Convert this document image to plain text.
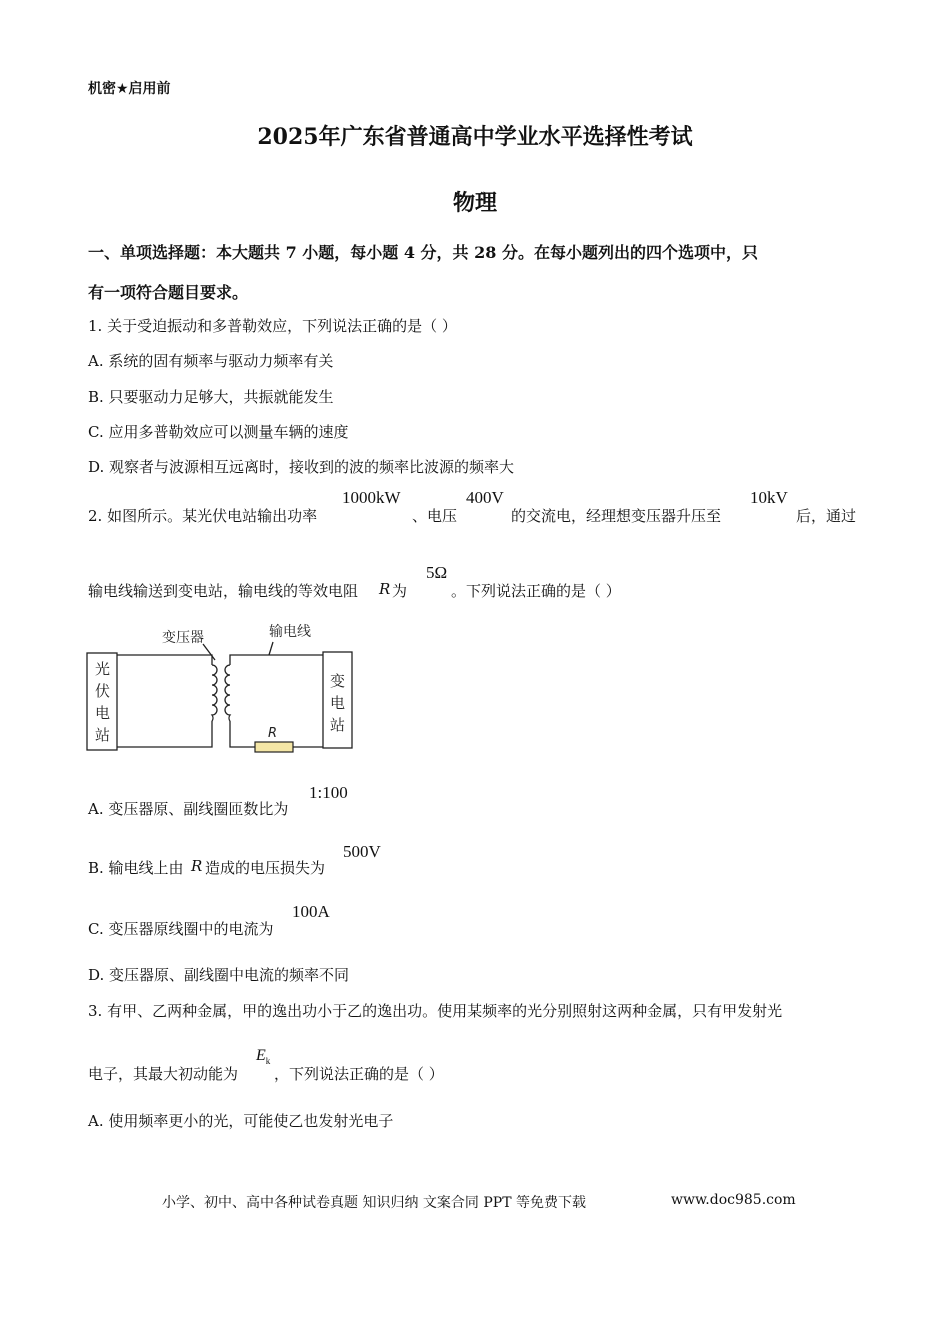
机密★启用前
2025年广东省普通高中学业水平选择性考试
物理
一、单项选择题：本大题共 7 小题，每小题 4 分，共 28 分。在每小题列出的四个选项中，只
有一项符合题目要求。
1. 关于受迫振动和多普勒效应，下列说法正确的是（ ）
A. 系统的固有频率与驱动力频率有关
B. 只要驱动力足够大，共振就能发生
C. 应用多普勒效应可以测量车辆的速度
D. 观察者与波源相互远离时，接收到的波的频率比波源的频率大
2. 如图所示。某光伏电站输出功率
1000kW
、电压
400V
的交流电，经理想变压器升压至
10kV
后，通过
输电线输送到变电站，输电线的等效电阻 R 为
5Ω
。下列说法正确的是（ ）
变压器	输电线
光
伏
电
站
变
电
站
R
A. 变压器原、副线圈匝数比为
1:100
B. 输电线上由 R 造成的电压损失为
500V
C. 变压器原线圈中的电流为
100A
D. 变压器原、副线圈中电流的频率不同
3. 有甲、乙两种金属，甲的逸出功小于乙的逸出功。使用某频率的光分别照射这两种金属，只有甲发射光
电子，其最大初动能为
$E_k$
，下列说法正确的是（ ）
A. 使用频率更小的光，可能使乙也发射光电子
小学、初中、高中各种试卷真题 知识归纳 文案合同 PPT 等免费下载	www.doc985.com
